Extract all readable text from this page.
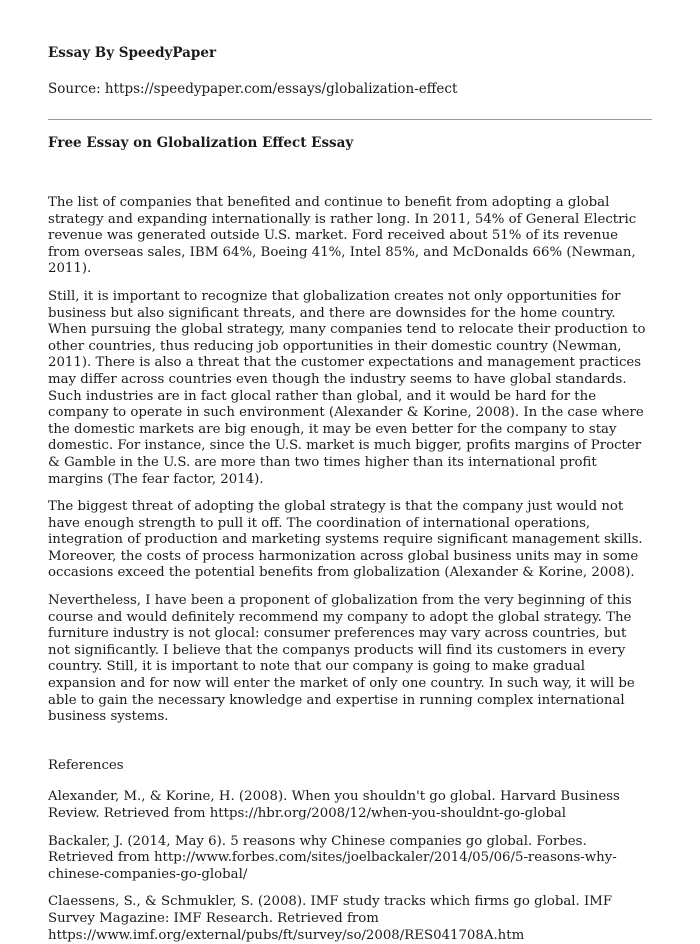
Essay By SpeedyPaper
Source: https://speedypaper.com/essays/globalization-effect
Free Essay on Globalization Effect Essay

The list of companies that benefited and continue to benefit from adopting a global strategy and expanding internationally is rather long. In 2011, 54% of General Electric revenue was generated outside U.S. market. Ford received about 51% of its revenue from overseas sales, IBM 64%, Boeing 41%, Intel 85%, and McDonalds 66% (Newman, 2011).

Still, it is important to recognize that globalization creates not only opportunities for business but also significant threats, and there are downsides for the home country. When pursuing the global strategy, many companies tend to relocate their production to other countries, thus reducing job opportunities in their domestic country (Newman, 2011). There is also a threat that the customer expectations and management practices may differ across countries even though the industry seems to have global standards. Such industries are in fact glocal rather than global, and it would be hard for the company to operate in such environment (Alexander & Korine, 2008). In the case where the domestic markets are big enough, it may be even better for the company to stay domestic. For instance, since the U.S. market is much bigger, profits margins of Procter & Gamble in the U.S. are more than two times higher than its international profit margins (The fear factor, 2014).

The biggest threat of adopting the global strategy is that the company just would not have enough strength to pull it off. The coordination of international operations, integration of production and marketing systems require significant management skills. Moreover, the costs of process harmonization across global business units may in some occasions exceed the potential benefits from globalization (Alexander & Korine, 2008).

Nevertheless, I have been a proponent of globalization from the very beginning of this course and would definitely recommend my company to adopt the global strategy. The furniture industry is not glocal: consumer preferences may vary across countries, but not significantly. I believe that the companys products will find its customers in every country. Still, it is important to note that our company is going to make gradual expansion and for now will enter the market of only one country. In such way, it will be able to gain the necessary knowledge and expertise in running complex international business systems.

References
Alexander, M., & Korine, H. (2008). When you shouldn't go global. Harvard Business Review. Retrieved from https://hbr.org/2008/12/when-you-shouldnt-go-global
Backaler, J. (2014, May 6). 5 reasons why Chinese companies go global. Forbes. Retrieved from http://www.forbes.com/sites/joelbackaler/2014/05/06/5-reasons-why-chinese-companies-go-global/
Claessens, S., & Schmukler, S. (2008). IMF study tracks which firms go global. IMF Survey Magazine: IMF Research. Retrieved from https://www.imf.org/external/pubs/ft/survey/so/2008/RES041708A.htm
